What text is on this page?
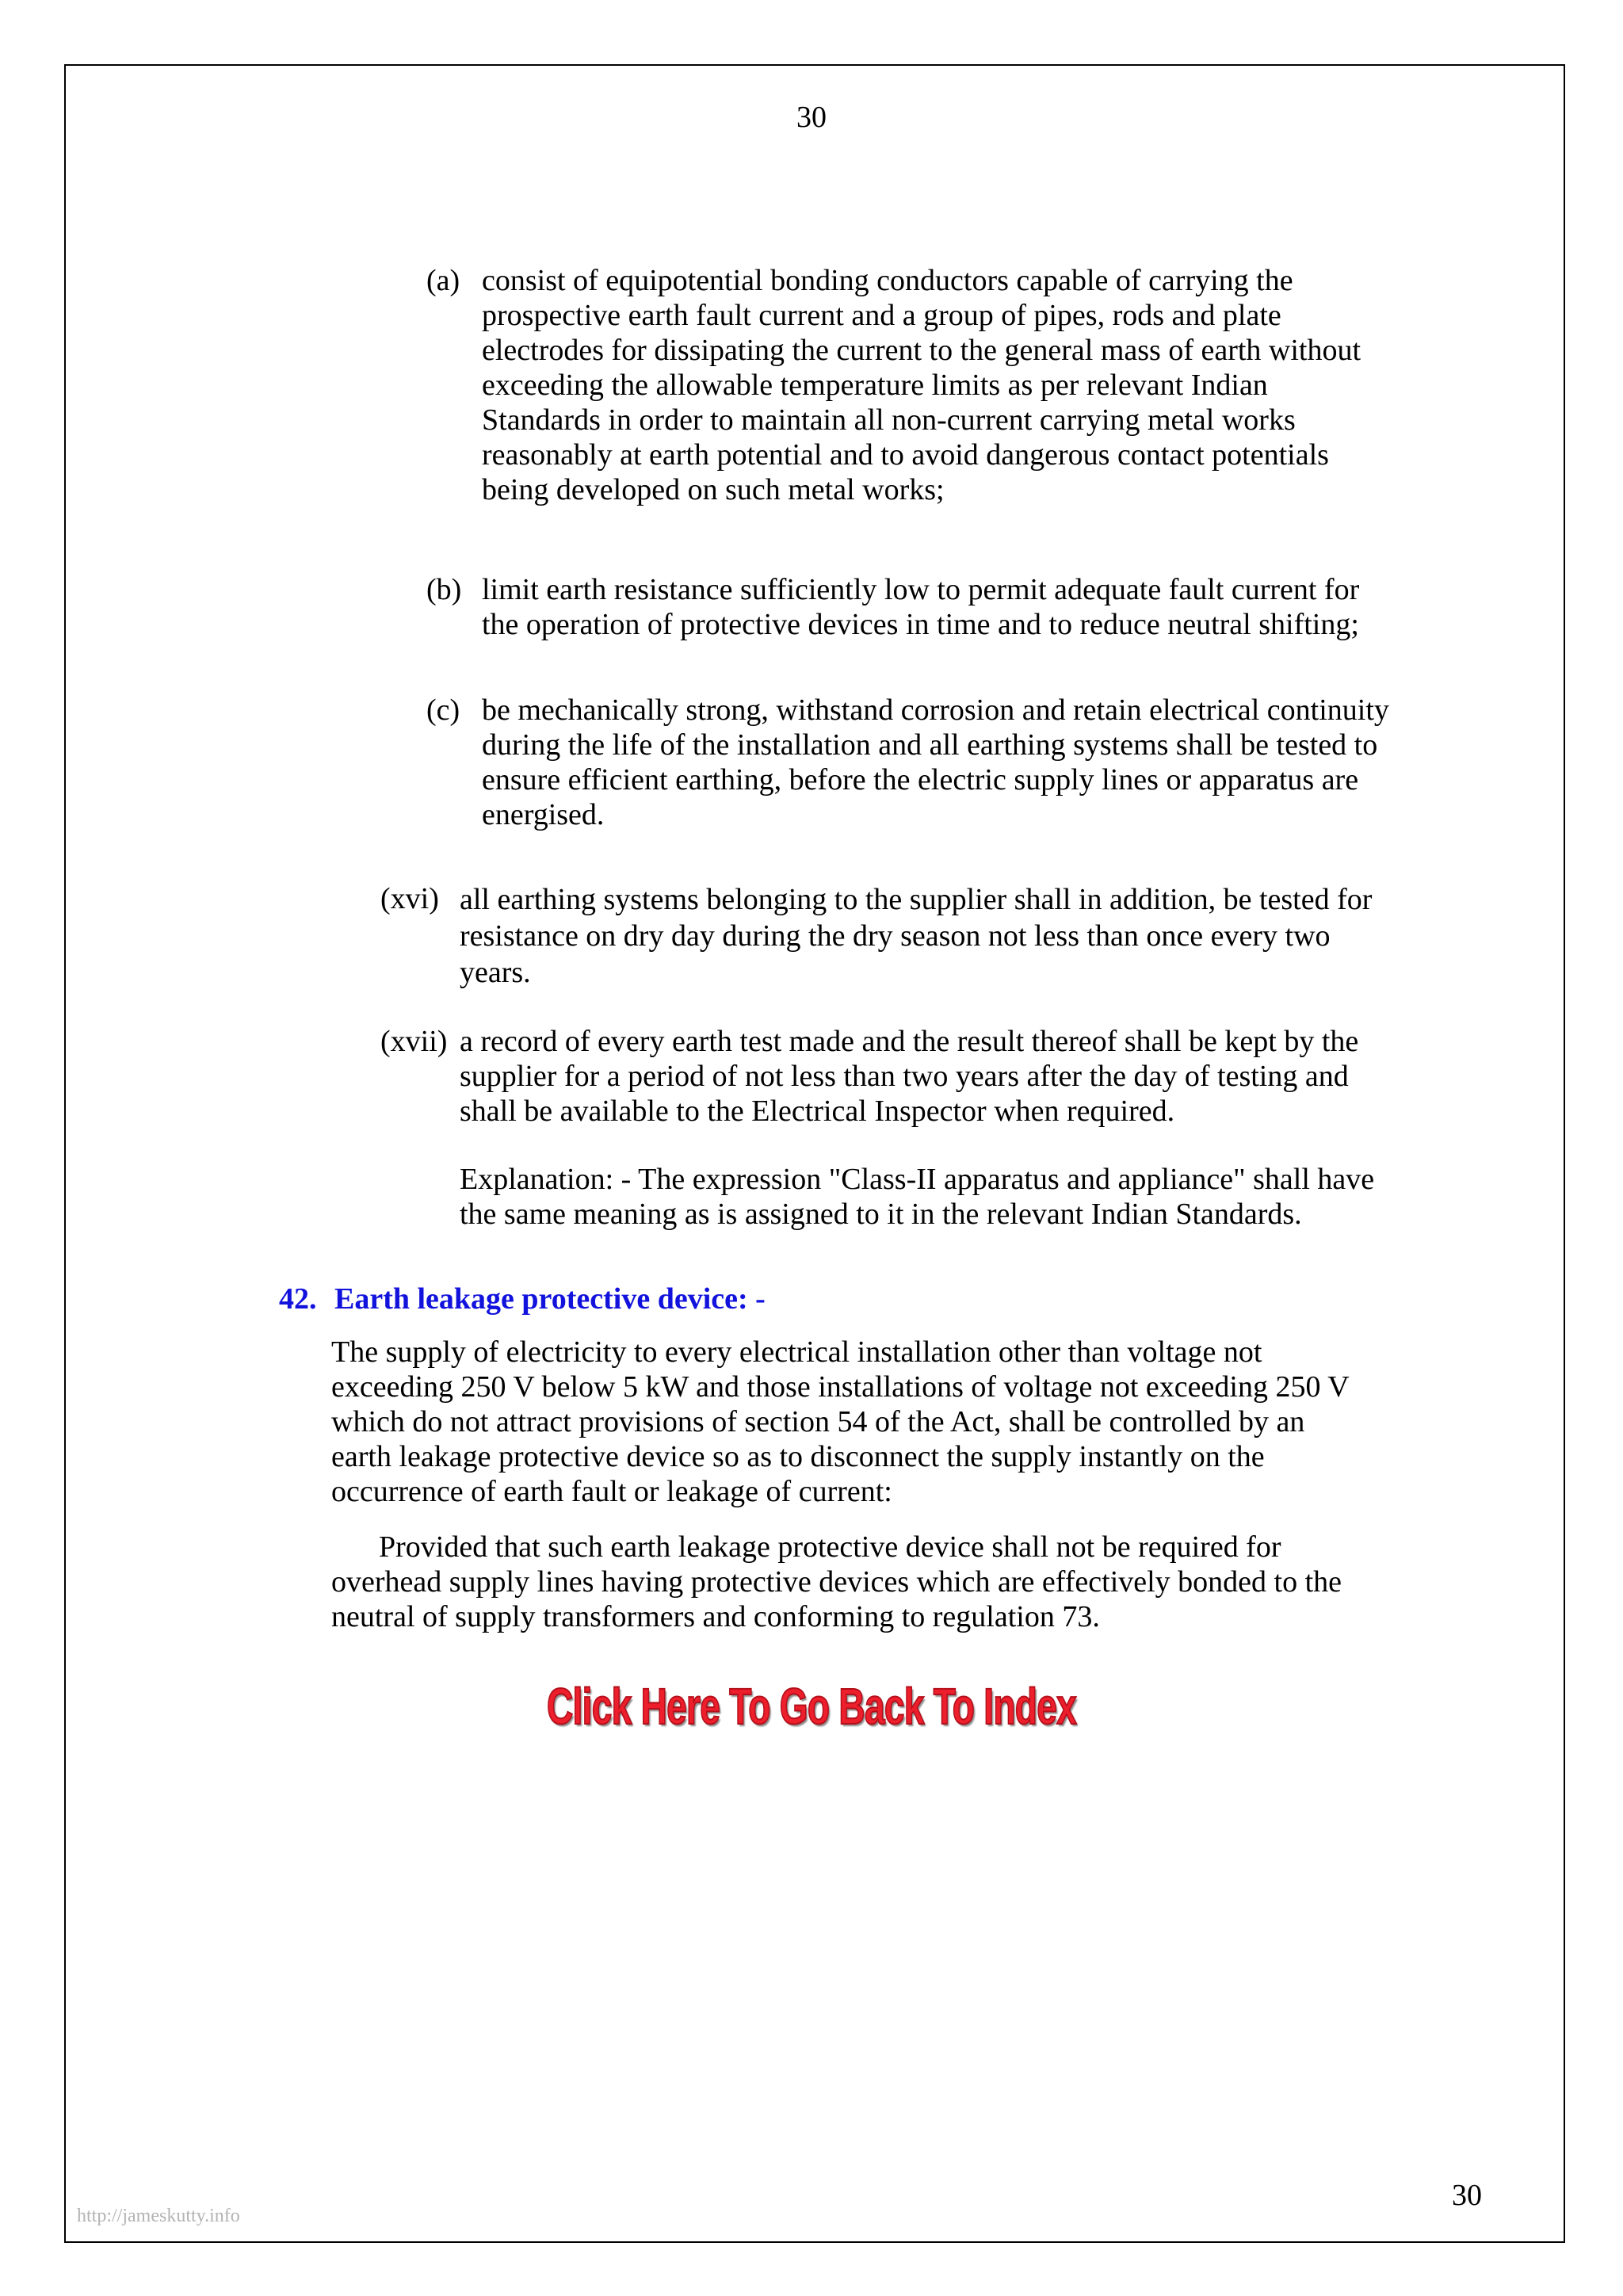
30
(a) consist of equipotential bonding conductors capable of carrying the
prospective earth fault current and a group of pipes, rods and plate
electrodes for dissipating the current to the general mass of earth without
exceeding the allowable temperature limits as per relevant Indian
Standards in order to maintain all non-current carrying metal works
reasonably at earth potential and to avoid dangerous contact potentials
being developed on such metal works;
(b) limit earth resistance sufficiently low to permit adequate fault current for
the operation of protective devices in time and to reduce neutral shifting;
(c) be mechanically strong, withstand corrosion and retain electrical continuity
during the life of the installation and all earthing systems shall be tested to
ensure efficient earthing, before the electric supply lines or apparatus are
energised.
(xvi) all earthing systems belonging to the supplier shall in addition, be tested for
resistance on dry day during the dry season not less than once every two
years.
(xvii) a record of every earth test made and the result thereof shall be kept by the
supplier for a period of not less than two years after the day of testing and
shall be available to the Electrical Inspector when required.
Explanation: - The expression "Class-II apparatus and appliance" shall have
the same meaning as is assigned to it in the relevant Indian Standards.
42. Earth leakage protective device: -
The supply of electricity to every electrical installation other than voltage not
exceeding 250 V below 5 kW and those installations of voltage not exceeding 250 V
which do not attract provisions of section 54 of the Act, shall be controlled by an
earth leakage protective device so as to disconnect the supply instantly on the
occurrence of earth fault or leakage of current:
Provided that such earth leakage protective device shall not be required for
overhead supply lines having protective devices which are effectively bonded to the
neutral of supply transformers and conforming to regulation 73.
Click Here To Go Back To Index
30
http://jameskutty.info
